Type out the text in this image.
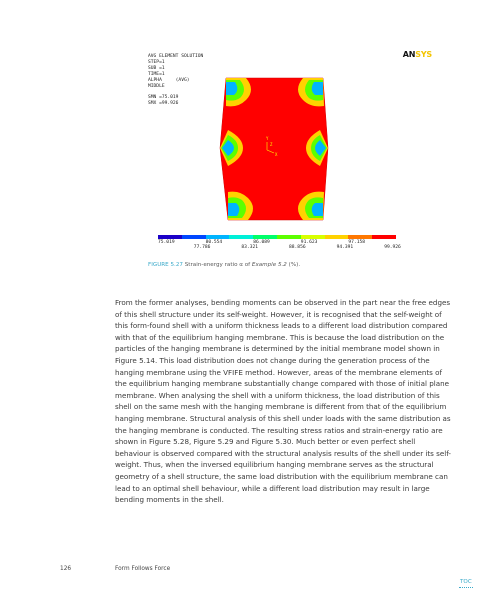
AVG ELEMENT SOLUTION
STEP=1
SUB =1
TIME=1
ALPHA     (AVG)
MIDDLE

SMN =75.019
SMX =99.926
ANSYS
Y
X
Z
75.019	80.554	86.089	91.623	97.158
77.786	83.321	88.856	94.391	99.926
FIGURE 5.27 Strain-energy ratio α of Example 5.2 (%).

From the former analyses, bending moments can be observed in the part near the free edges of this shell structure under its self-weight. However, it is recognised that the self-weight of this form-found shell with a uniform thickness leads to a different load distribution compared with that of the equilibrium hanging membrane. This is because the load distribution on the particles of the hanging membrane is determined by the initial membrane model shown in Figure 5.14. This load distribution does not change during the generation process of the hanging membrane using the VFIFE method. However, areas of the membrane elements of the equilibrium hanging membrane substantially change compared with those of initial plane membrane. When analysing the shell with a uniform thickness, the load distribution of this shell on the same mesh with the hanging membrane is different from that of the equilibrium hanging membrane. Structural analysis of this shell under loads with the same distribution as the hanging membrane is conducted. The resulting stress ratios and strain-energy ratio are shown in Figure 5.28, Figure 5.29 and Figure 5.30. Much better or even perfect shell behaviour is observed compared with the structural analysis results of the shell under its self-weight. Thus, when the inversed equilibrium hanging membrane serves as the structural geometry of a shell structure, the same load distribution with the equilibrium membrane can lead to an optimal shell behaviour, while a different load distribution may result in large bending moments in the shell.

126	Form Follows Force
TOC
